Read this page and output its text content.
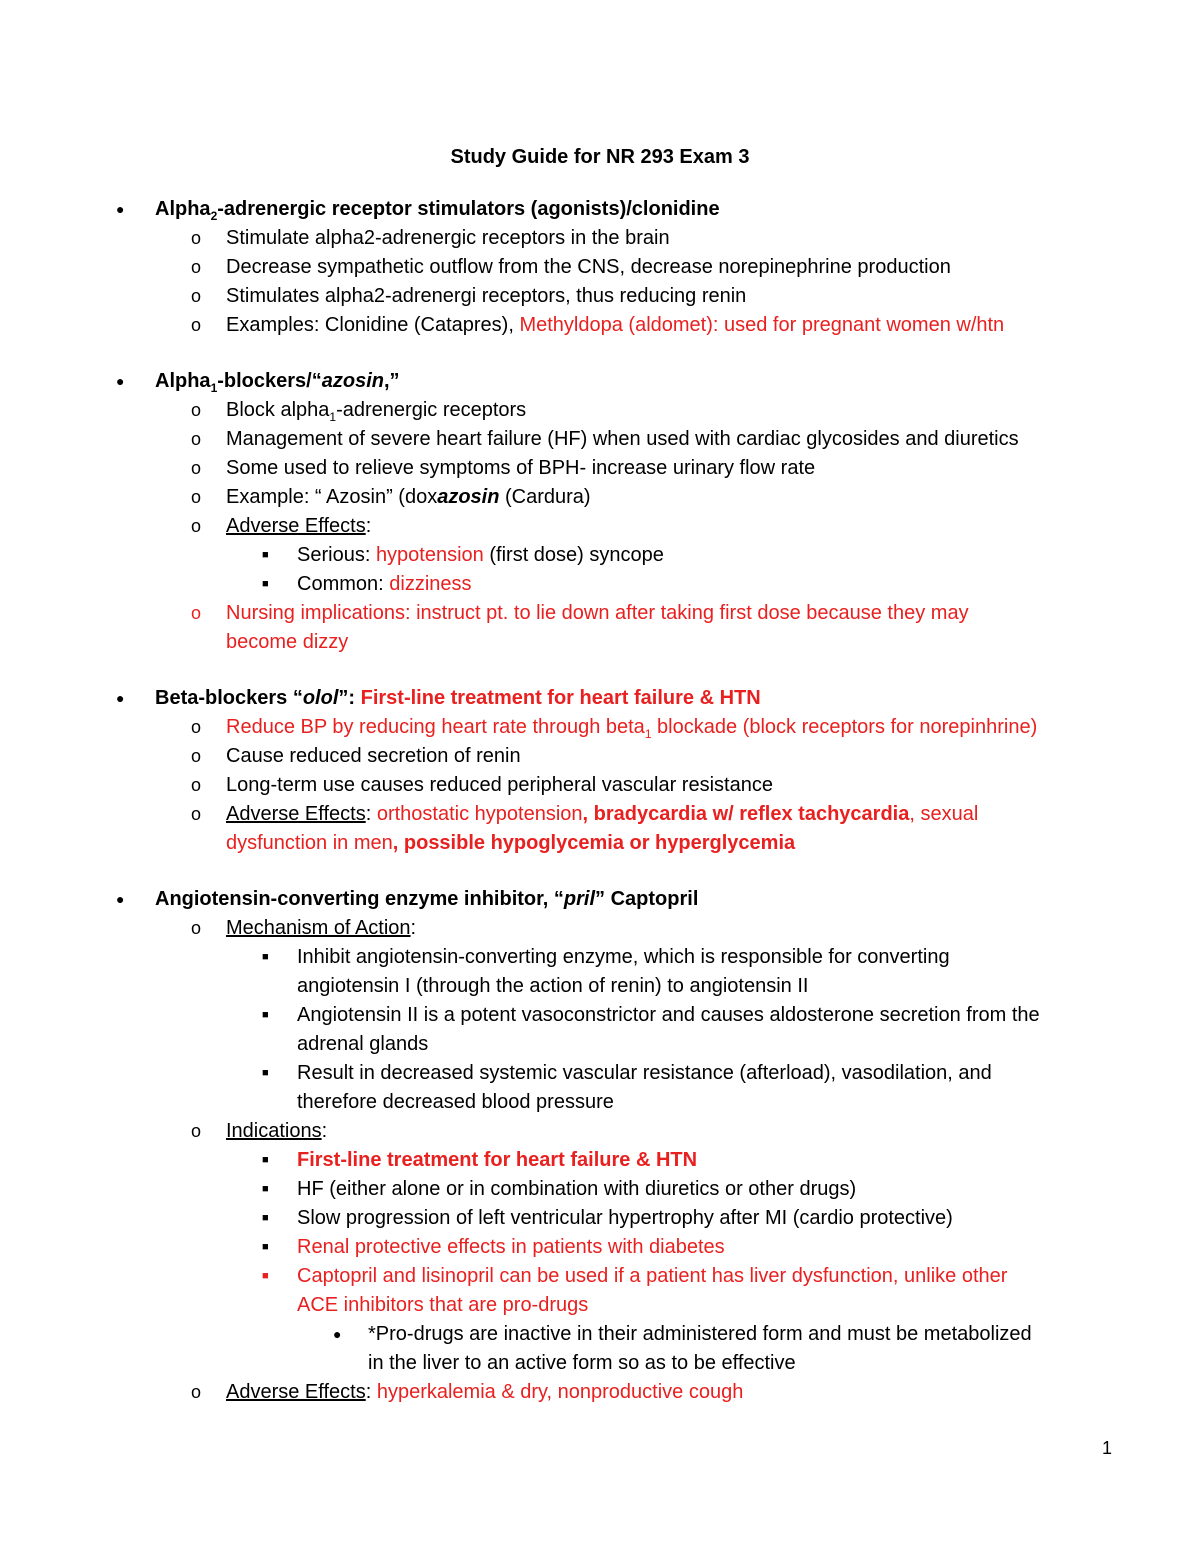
Study Guide for NR 293 Exam 3
● Alpha$_2$-adrenergic receptor stimulators (agonists)/clonidine
o Stimulate alpha2-adrenergic receptors in the brain
o Decrease sympathetic outflow from the CNS, decrease norepinephrine production
o Stimulates alpha2-adrenergi receptors, thus reducing renin
o Examples: Clonidine (Catapres), Methyldopa (aldomet): used for pregnant women w/htn
● Alpha$_1$-blockers/“azosin,”
o Block alpha$_1$-adrenergic receptors
o Management of severe heart failure (HF) when used with cardiac glycosides and diuretics
o Some used to relieve symptoms of BPH- increase urinary flow rate
o Example: “ Azosin” (doxazosin (Cardura)
o Adverse Effects:
■ Serious: hypotension (first dose) syncope
■ Common: dizziness
o Nursing implications: instruct pt. to lie down after taking first dose because they may
become dizzy
● Beta-blockers “olol”: First-line treatment for heart failure & HTN
o Reduce BP by reducing heart rate through beta$_1$ blockade (block receptors for norepinhrine)
o Cause reduced secretion of renin
o Long-term use causes reduced peripheral vascular resistance
o Adverse Effects: orthostatic hypotension, bradycardia w/ reflex tachycardia, sexual
dysfunction in men, possible hypoglycemia or hyperglycemia
● Angiotensin-converting enzyme inhibitor, “pril” Captopril
o Mechanism of Action:
■ Inhibit angiotensin-converting enzyme, which is responsible for converting
angiotensin I (through the action of renin) to angiotensin II
■ Angiotensin II is a potent vasoconstrictor and causes aldosterone secretion from the
adrenal glands
■ Result in decreased systemic vascular resistance (afterload), vasodilation, and
therefore decreased blood pressure
o Indications:
■ First-line treatment for heart failure & HTN
■ HF (either alone or in combination with diuretics or other drugs)
■ Slow progression of left ventricular hypertrophy after MI (cardio protective)
■ Renal protective effects in patients with diabetes
■ Captopril and lisinopril can be used if a patient has liver dysfunction, unlike other
ACE inhibitors that are pro-drugs
● *Pro-drugs are inactive in their administered form and must be metabolized
in the liver to an active form so as to be effective
o Adverse Effects: hyperkalemia & dry, nonproductive cough
1
